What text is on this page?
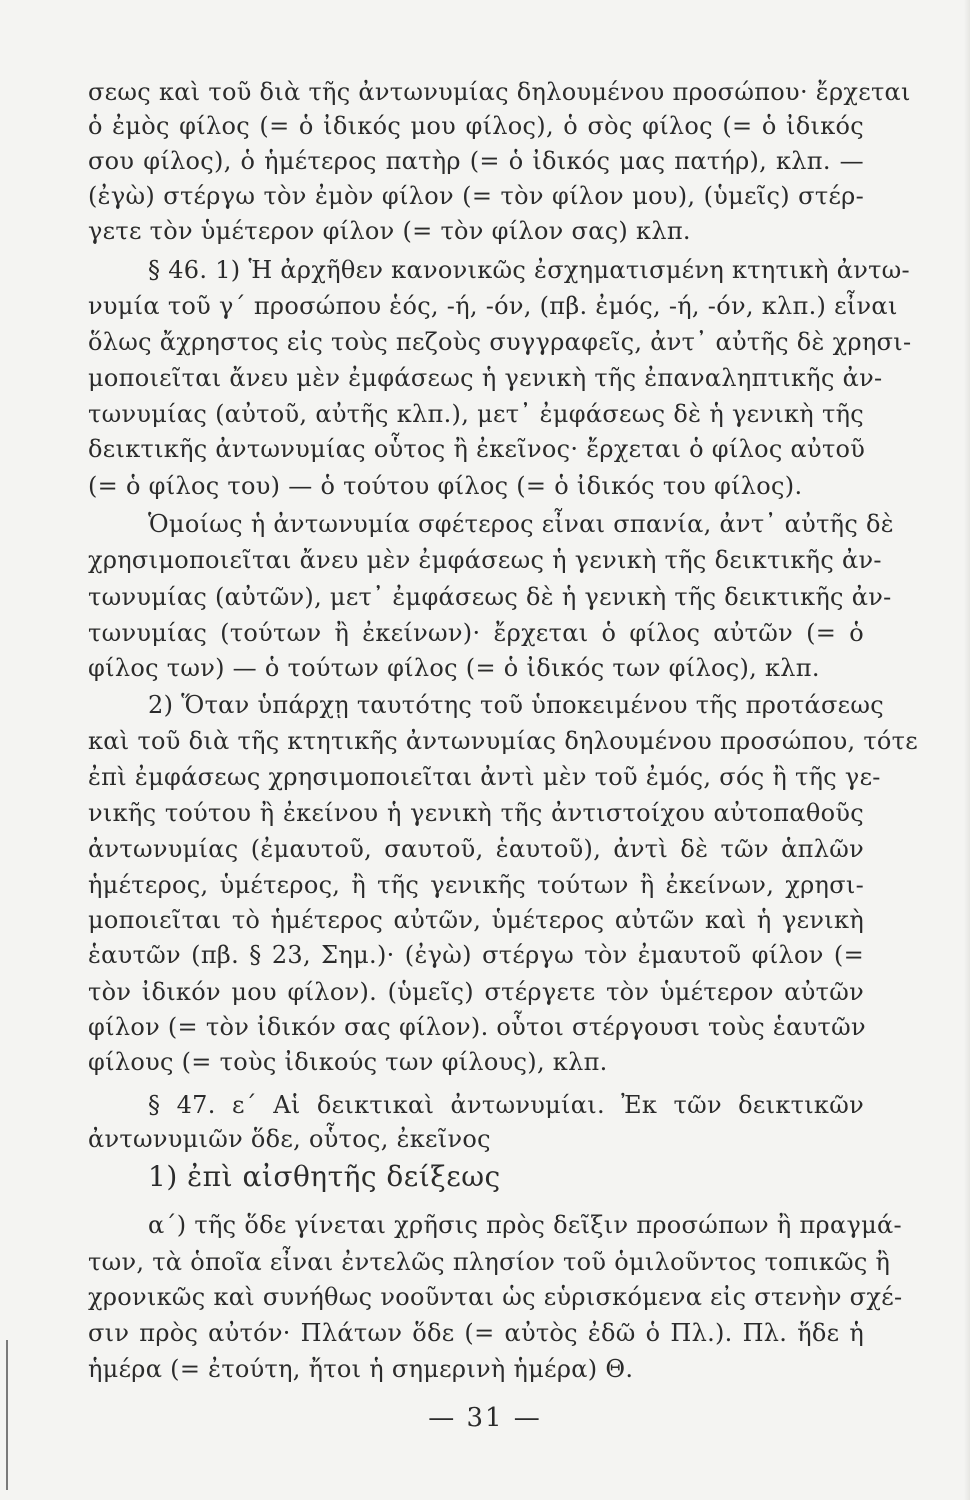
σεως καὶ τοῦ διὰ τῆς ἀντωνυμίας δηλουμένου προσώπου· ἔρχεται
ὁ ἐμὸς φίλος (= ὁ ἰδικός μου φίλος), ὁ σὸς φίλος (= ὁ ἰδικός
σου φίλος), ὁ ἡμέτερος πατὴρ (= ὁ ἰδικός μας πατήρ), κλπ. —
(ἐγὼ) στέργω τὸν ἐμὸν φίλον (= τὸν φίλον μου), (ὑμεῖς) στέρ-
γετε τὸν ὑμέτερον φίλον (= τὸν φίλον σας) κλπ.
§ 46. 1) Ἡ ἀρχῆθεν κανονικῶς ἐσχηματισμένη κτητικὴ ἀντω-
νυμία τοῦ γ΄ προσώπου ἑός, -ή, -όν, (πβ. ἐμός, -ή, -όν, κλπ.) εἶναι
ὅλως ἄχρηστος εἰς τοὺς πεζοὺς συγγραφεῖς, ἀντ᾽ αὐτῆς δὲ χρησι-
μοποιεῖται ἄνευ μὲν ἐμφάσεως ἡ γενικὴ τῆς ἐπαναληπτικῆς ἀν-
τωνυμίας (αὐτοῦ, αὐτῆς κλπ.), μετ᾽ ἐμφάσεως δὲ ἡ γενικὴ τῆς
δεικτικῆς ἀντωνυμίας οὗτος ἢ ἐκεῖνος· ἔρχεται ὁ φίλος αὐτοῦ
(= ὁ φίλος του) — ὁ τούτου φίλος (= ὁ ἰδικός του φίλος).
Ὁμοίως ἡ ἀντωνυμία σφέτερος εἶναι σπανία, ἀντ᾽ αὐτῆς δὲ
χρησιμοποιεῖται ἄνευ μὲν ἐμφάσεως ἡ γενικὴ τῆς δεικτικῆς ἀν-
τωνυμίας (αὐτῶν), μετ᾽ ἐμφάσεως δὲ ἡ γενικὴ τῆς δεικτικῆς ἀν-
τωνυμίας (τούτων ἢ ἐκείνων)· ἔρχεται ὁ φίλος αὐτῶν (= ὁ
φίλος των) — ὁ τούτων φίλος (= ὁ ἰδικός των φίλος), κλπ.
2) Ὅταν ὑπάρχῃ ταυτότης τοῦ ὑποκειμένου τῆς προτάσεως
καὶ τοῦ διὰ τῆς κτητικῆς ἀντωνυμίας δηλουμένου προσώπου, τότε
ἐπὶ ἐμφάσεως χρησιμοποιεῖται ἀντὶ μὲν τοῦ ἐμός, σός ἢ τῆς γε-
νικῆς τούτου ἢ ἐκείνου ἡ γενικὴ τῆς ἀντιστοίχου αὐτοπαθοῦς
ἀντωνυμίας (ἐμαυτοῦ, σαυτοῦ, ἑαυτοῦ), ἀντὶ δὲ τῶν ἁπλῶν
ἡμέτερος, ὑμέτερος, ἢ τῆς γενικῆς τούτων ἢ ἐκείνων, χρησι-
μοποιεῖται τὸ ἡμέτερος αὐτῶν, ὑμέτερος αὐτῶν καὶ ἡ γενικὴ
ἑαυτῶν (πβ. § 23, Σημ.)· (ἐγὼ) στέργω τὸν ἐμαυτοῦ φίλον (=
τὸν ἰδικόν μου φίλον). (ὑμεῖς) στέργετε τὸν ὑμέτερον αὐτῶν
φίλον (= τὸν ἰδικόν σας φίλον). οὗτοι στέργουσι τοὺς ἑαυτῶν
φίλους (= τοὺς ἰδικούς των φίλους), κλπ.
§ 47. ε΄ Αἱ δεικτικαὶ ἀντωνυμίαι. Ἐκ τῶν δεικτικῶν
ἀντωνυμιῶν ὅδε, οὗτος, ἐκεῖνος
1) ἐπὶ αἰσθητῆς δείξεως
α΄) τῆς ὅδε γίνεται χρῆσις πρὸς δεῖξιν προσώπων ἢ πραγμά-
των, τὰ ὁποῖα εἶναι ἐντελῶς πλησίον τοῦ ὁμιλοῦντος τοπικῶς ἢ
χρονικῶς καὶ συνήθως νοοῦνται ὡς εὑρισκόμενα εἰς στενὴν σχέ-
σιν πρὸς αὐτόν· Πλάτων ὅδε (= αὐτὸς ἐδῶ ὁ Πλ.). Πλ. ἥδε ἡ
ἡμέρα (= ἐτούτη, ἤτοι ἡ σημερινὴ ἡμέρα) Θ.
— 31 —
